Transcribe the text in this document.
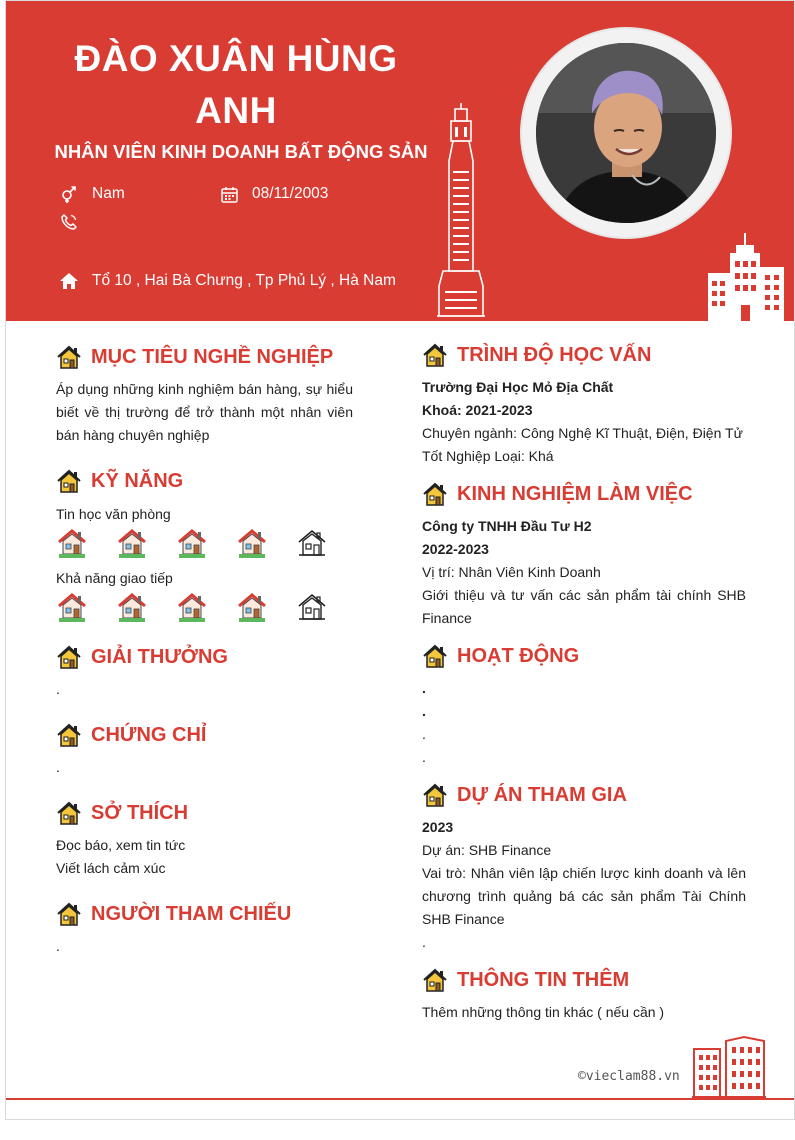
ĐÀO XUÂN HÙNG ANH
NHÂN VIÊN KINH DOANH BẤT ĐỘNG SẢN
Nam	08/11/2003
Tổ 10 , Hai Bà Chưng , Tp Phủ Lý , Hà Nam
MỤC TIÊU NGHỀ NGHIỆP
Áp dụng những kinh nghiệm bán hàng, sự hiểu biết về thị trường để trở thành một nhân viên bán hàng chuyên nghiệp
KỸ NĂNG
Tin học văn phòng
Khả năng giao tiếp
GIẢI THƯỞNG
.
CHỨNG CHỈ
.
SỞ THÍCH
Đọc báo, xem tin tức
Viết lách cảm xúc
NGƯỜI THAM CHIẾU
.
TRÌNH ĐỘ HỌC VẤN
Trường Đại Học Mỏ Địa Chất
Khoá: 2021-2023
Chuyên ngành: Công Nghệ Kĩ Thuật, Điện, Điện Tử
Tốt Nghiệp Loại: Khá
KINH NGHIỆM LÀM VIỆC
Công ty TNHH Đầu Tư H2
2022-2023
Vị trí: Nhân Viên Kinh Doanh
Giới thiệu và tư vấn các sản phẩm tài chính SHB Finance
HOẠT ĐỘNG
.
.
.
.
DỰ ÁN THAM GIA
2023
Dự án: SHB Finance
Vai trò: Nhân viên lập chiến lược kinh doanh và lên chương trình quảng bá các sản phẩm Tài Chính SHB Finance
.
THÔNG TIN THÊM
Thêm những thông tin khác ( nếu cần )
©vieclam88.vn
